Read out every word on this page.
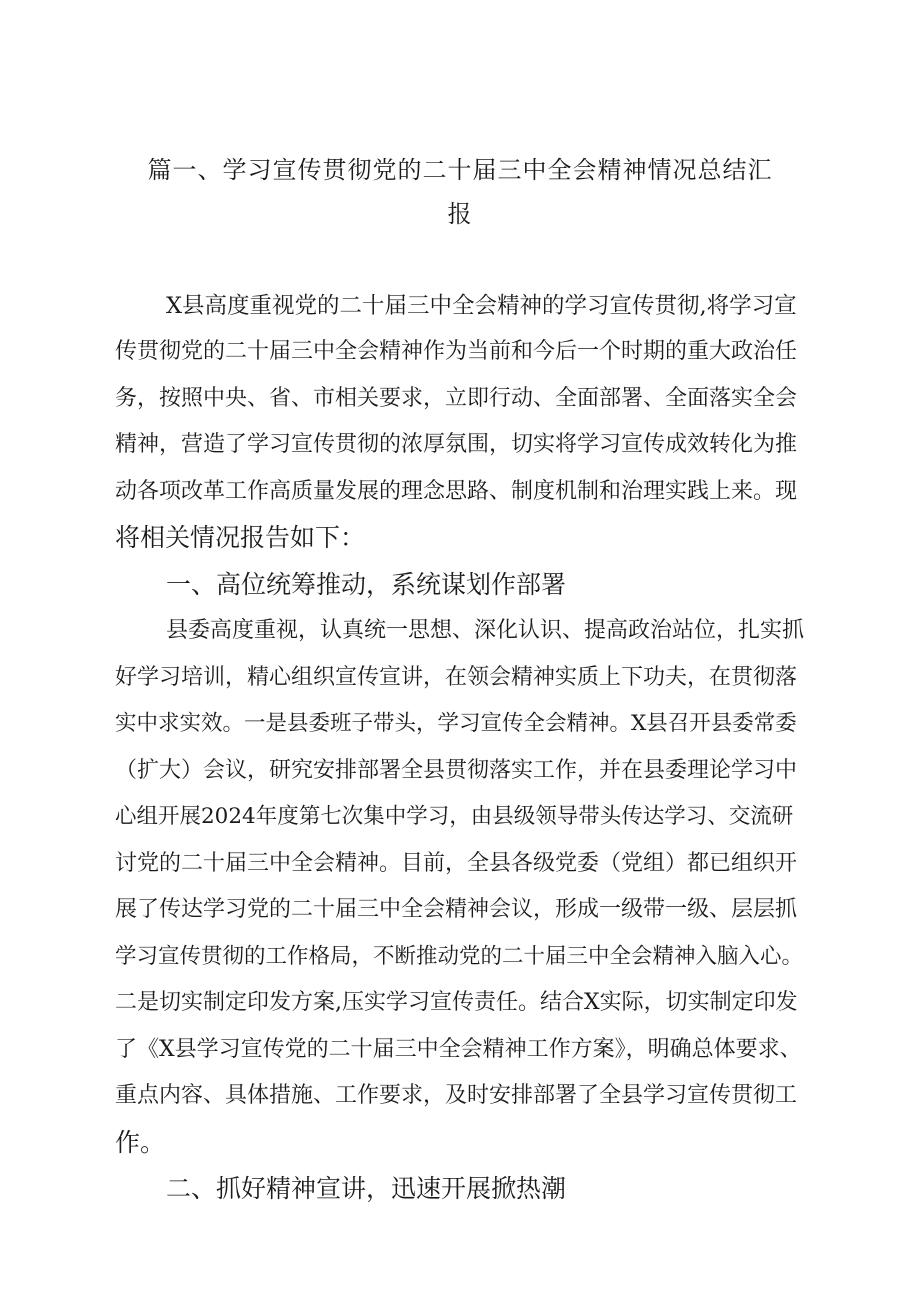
篇一、学习宣传贯彻党的二十届三中全会精神情况总结汇
报
X县高度重视党的二十届三中全会精神的学习宣传贯彻,将学习宣
传贯彻党的二十届三中全会精神作为当前和今后一个时期的重大政治任
务，按照中央、省、市相关要求，立即行动、全面部署、全面落实全会
精神，营造了学习宣传贯彻的浓厚氛围，切实将学习宣传成效转化为推
动各项改革工作高质量发展的理念思路、制度机制和治理实践上来。现
将相关情况报告如下：
一、高位统筹推动，系统谋划作部署
县委高度重视，认真统一思想、深化认识、提高政治站位，扎实抓
好学习培训，精心组织宣传宣讲，在领会精神实质上下功夫，在贯彻落
实中求实效。一是县委班子带头，学习宣传全会精神。X县召开县委常委
（扩大）会议，研究安排部署全县贯彻落实工作，并在县委理论学习中
心组开展2024年度第七次集中学习，由县级领导带头传达学习、交流研
讨党的二十届三中全会精神。目前，全县各级党委（党组）都已组织开
展了传达学习党的二十届三中全会精神会议，形成一级带一级、层层抓
学习宣传贯彻的工作格局，不断推动党的二十届三中全会精神入脑入心。
二是切实制定印发方案,压实学习宣传责任。结合X实际，切实制定印发
了《X县学习宣传党的二十届三中全会精神工作方案》，明确总体要求、
重点内容、具体措施、工作要求，及时安排部署了全县学习宣传贯彻工
作。
二、抓好精神宣讲，迅速开展掀热潮
